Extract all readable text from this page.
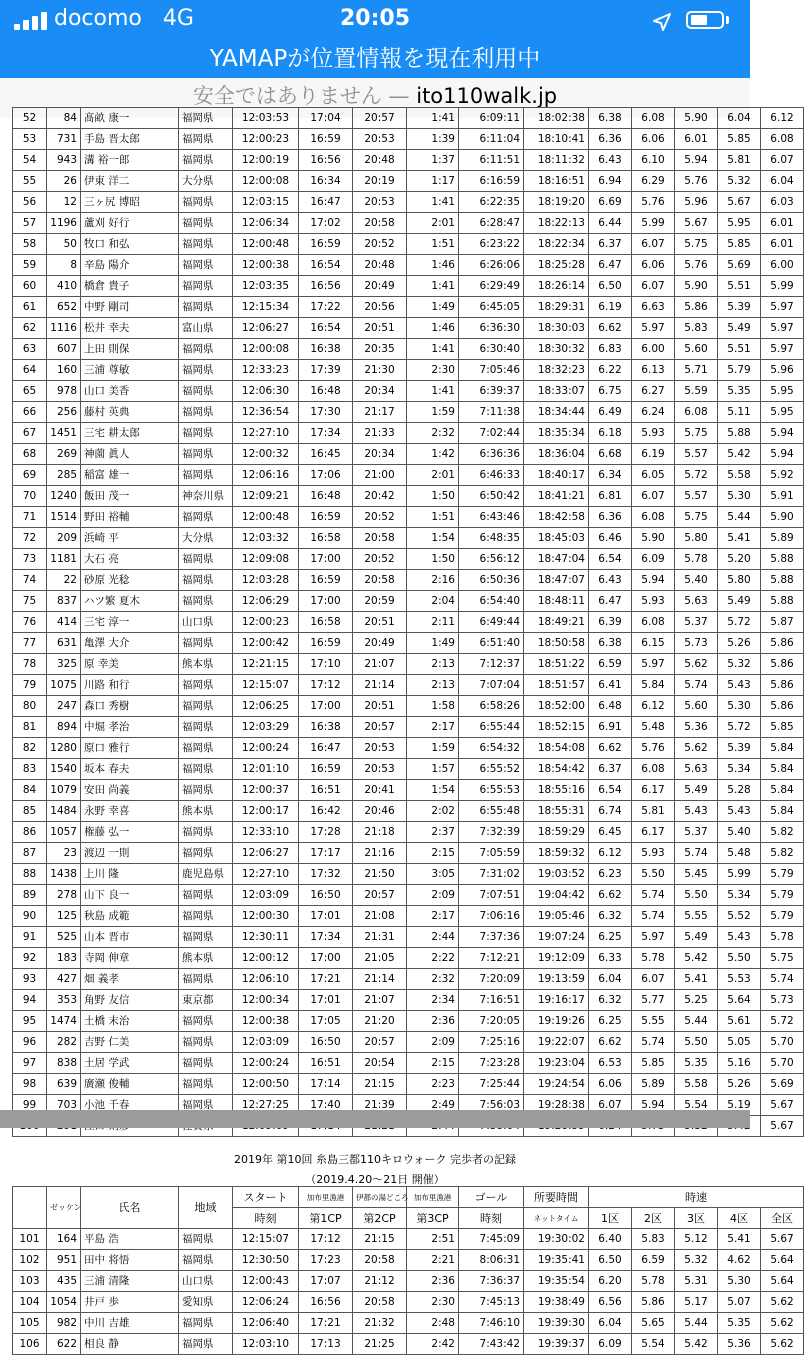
docomo 4G	20:05
YAMAPが位置情報を現在利用中
安全ではありません — ito110walk.jp
52	84	髙畝 康一	福岡県	12:03:53	17:04	20:57	1:41	6:09:11	18:02:38	6.38	6.08	5.90	6.04	6.12
53	731	手島 晋太郎	福岡県	12:00:23	16:59	20:53	1:39	6:11:04	18:10:41	6.36	6.06	6.01	5.85	6.08
54	943	溝 裕一郎	福岡県	12:00:19	16:56	20:48	1:37	6:11:51	18:11:32	6.43	6.10	5.94	5.81	6.07
55	26	伊東 洋二	大分県	12:00:08	16:34	20:19	1:17	6:16:59	18:16:51	6.94	6.29	5.76	5.32	6.04
56	12	三ヶ尻 博昭	福岡県	12:03:15	16:47	20:53	1:41	6:22:35	18:19:20	6.69	5.76	5.96	5.67	6.03
57	1196	蘆刈 好行	福岡県	12:06:34	17:02	20:58	2:01	6:28:47	18:22:13	6.44	5.99	5.67	5.95	6.01
58	50	牧口 和弘	福岡県	12:00:48	16:59	20:52	1:51	6:23:22	18:22:34	6.37	6.07	5.75	5.85	6.01
59	8	辛島 陽介	福岡県	12:00:38	16:54	20:48	1:46	6:26:06	18:25:28	6.47	6.06	5.76	5.69	6.00
60	410	橋倉 貴子	福岡県	12:03:35	16:56	20:49	1:41	6:29:49	18:26:14	6.50	6.07	5.90	5.51	5.99
61	652	中野 剛司	福岡県	12:15:34	17:22	20:56	1:49	6:45:05	18:29:31	6.19	6.63	5.86	5.39	5.97
62	1116	松井 幸夫	富山県	12:06:27	16:54	20:51	1:46	6:36:30	18:30:03	6.62	5.97	5.83	5.49	5.97
63	607	上田 則保	福岡県	12:00:08	16:38	20:35	1:41	6:30:40	18:30:32	6.83	6.00	5.60	5.51	5.97
64	160	三浦 尊敏	福岡県	12:33:23	17:39	21:30	2:30	7:05:46	18:32:23	6.22	6.13	5.71	5.79	5.96
65	978	山口 美香	福岡県	12:06:30	16:48	20:34	1:41	6:39:37	18:33:07	6.75	6.27	5.59	5.35	5.95
66	256	藤村 英典	福岡県	12:36:54	17:30	21:17	1:59	7:11:38	18:34:44	6.49	6.24	6.08	5.11	5.95
67	1451	三宅 耕太郎	福岡県	12:27:10	17:34	21:33	2:32	7:02:44	18:35:34	6.18	5.93	5.75	5.88	5.94
68	269	神薗 眞人	福岡県	12:00:32	16:45	20:34	1:42	6:36:36	18:36:04	6.68	6.19	5.57	5.42	5.94
69	285	稲富 雄一	福岡県	12:06:16	17:06	21:00	2:01	6:46:33	18:40:17	6.34	6.05	5.72	5.58	5.92
70	1240	飯田 茂一	神奈川県	12:09:21	16:48	20:42	1:50	6:50:42	18:41:21	6.81	6.07	5.57	5.30	5.91
71	1514	野田 裕輔	福岡県	12:00:48	16:59	20:52	1:51	6:43:46	18:42:58	6.36	6.08	5.75	5.44	5.90
72	209	浜崎 平	大分県	12:03:32	16:58	20:58	1:54	6:48:35	18:45:03	6.46	5.90	5.80	5.41	5.89
73	1181	大石 亮	福岡県	12:09:08	17:00	20:52	1:50	6:56:12	18:47:04	6.54	6.09	5.78	5.20	5.88
74	22	砂原 光稔	福岡県	12:03:28	16:59	20:58	2:16	6:50:36	18:47:07	6.43	5.94	5.40	5.80	5.88
75	837	ハツ繁 夏木	福岡県	12:06:29	17:00	20:59	2:04	6:54:40	18:48:11	6.47	5.93	5.63	5.49	5.88
76	414	三宅 淳一	山口県	12:00:23	16:58	20:51	2:11	6:49:44	18:49:21	6.39	6.08	5.37	5.72	5.87
77	631	亀澤 大介	福岡県	12:00:42	16:59	20:49	1:49	6:51:40	18:50:58	6.38	6.15	5.73	5.26	5.86
78	325	原 幸美	熊本県	12:21:15	17:10	21:07	2:13	7:12:37	18:51:22	6.59	5.97	5.62	5.32	5.86
79	1075	川路 和行	福岡県	12:15:07	17:12	21:14	2:13	7:07:04	18:51:57	6.41	5.84	5.74	5.43	5.86
80	247	森口 秀樹	福岡県	12:06:25	17:00	20:51	1:58	6:58:26	18:52:00	6.48	6.12	5.60	5.30	5.86
81	894	中堀 孝治	福岡県	12:03:29	16:38	20:57	2:17	6:55:44	18:52:15	6.91	5.48	5.36	5.72	5.85
82	1280	原口 雅行	福岡県	12:00:24	16:47	20:53	1:59	6:54:32	18:54:08	6.62	5.76	5.62	5.39	5.84
83	1540	坂本 春夫	福岡県	12:01:10	16:59	20:53	1:57	6:55:52	18:54:42	6.37	6.08	5.63	5.34	5.84
84	1079	安田 尚義	福岡県	12:00:37	16:51	20:41	1:54	6:55:53	18:55:16	6.54	6.17	5.49	5.28	5.84
85	1484	永野 幸喜	熊本県	12:00:17	16:42	20:46	2:02	6:55:48	18:55:31	6.74	5.81	5.43	5.43	5.84
86	1057	権藤 弘一	福岡県	12:33:10	17:28	21:18	2:37	7:32:39	18:59:29	6.45	6.17	5.37	5.40	5.82
87	23	渡辺 一則	福岡県	12:06:27	17:17	21:16	2:15	7:05:59	18:59:32	6.12	5.93	5.74	5.48	5.82
88	1438	上川 隆	鹿児島県	12:27:10	17:32	21:50	3:05	7:31:02	19:03:52	6.23	5.50	5.45	5.99	5.79
89	278	山下 良一	福岡県	12:03:09	16:50	20:57	2:09	7:07:51	19:04:42	6.62	5.74	5.50	5.34	5.79
90	125	秋島 成範	福岡県	12:00:30	17:01	21:08	2:17	7:06:16	19:05:46	6.32	5.74	5.55	5.52	5.79
91	525	山本 晋市	福岡県	12:30:11	17:34	21:31	2:44	7:37:36	19:07:24	6.25	5.97	5.49	5.43	5.78
92	183	寺岡 伸章	熊本県	12:00:12	17:00	21:05	2:22	7:12:21	19:12:09	6.33	5.78	5.42	5.50	5.75
93	427	畑 義孝	福岡県	12:06:10	17:21	21:14	2:32	7:20:09	19:13:59	6.04	6.07	5.41	5.53	5.74
94	353	角野 友信	東京都	12:00:34	17:01	21:07	2:34	7:16:51	19:16:17	6.32	5.77	5.25	5.64	5.73
95	1474	土橋 末治	福岡県	12:00:38	17:05	21:20	2:36	7:20:05	19:19:26	6.25	5.55	5.44	5.61	5.72
96	282	吉野 仁美	福岡県	12:03:09	16:50	20:57	2:09	7:25:16	19:22:07	6.62	5.74	5.50	5.05	5.70
97	838	土居 学武	福岡県	12:00:24	16:51	20:54	2:15	7:23:28	19:23:04	6.53	5.85	5.35	5.16	5.70
98	639	廣瀬 俊輔	福岡県	12:00:50	17:14	21:15	2:23	7:25:44	19:24:54	6.06	5.89	5.58	5.26	5.69
99	703	小池 千春	福岡県	12:27:25	17:40	21:39	2:49	7:56:03	19:28:38	6.07	5.94	5.54	5.19	5.67
														5.67
2019年 第10回 糸島三都110キロウォーク 完歩者の記録
（2019.4.20〜21日 開催）
	ゼッケン	氏名	地域	スタート	加布里漁港	伊都の湯どころ	加布里漁港	ゴール	所要時間	時速				
				時刻	第1CP	第2CP	第3CP	時刻	ネットタイム	1区	2区	3区	4区	全区
101	164	平島 浩	福岡県	12:15:07	17:12	21:15	2:51	7:45:09	19:30:02	6.40	5.83	5.12	5.41	5.67
102	951	田中 将悟	福岡県	12:30:50	17:23	20:58	2:21	8:06:31	19:35:41	6.50	6.59	5.32	4.62	5.64
103	435	三浦 清隆	山口県	12:00:43	17:07	21:12	2:36	7:36:37	19:35:54	6.20	5.78	5.31	5.30	5.64
104	1054	井戸 歩	愛知県	12:06:24	16:56	20:58	2:30	7:45:13	19:38:49	6.56	5.86	5.17	5.07	5.62
105	982	中川 吉雄	福岡県	12:06:40	17:21	21:32	2:48	7:46:10	19:39:30	6.04	5.65	5.44	5.35	5.62
106	622	相良 静	福岡県	12:03:10	17:13	21:25	2:42	7:43:42	19:39:37	6.09	5.54	5.42	5.36	5.62
